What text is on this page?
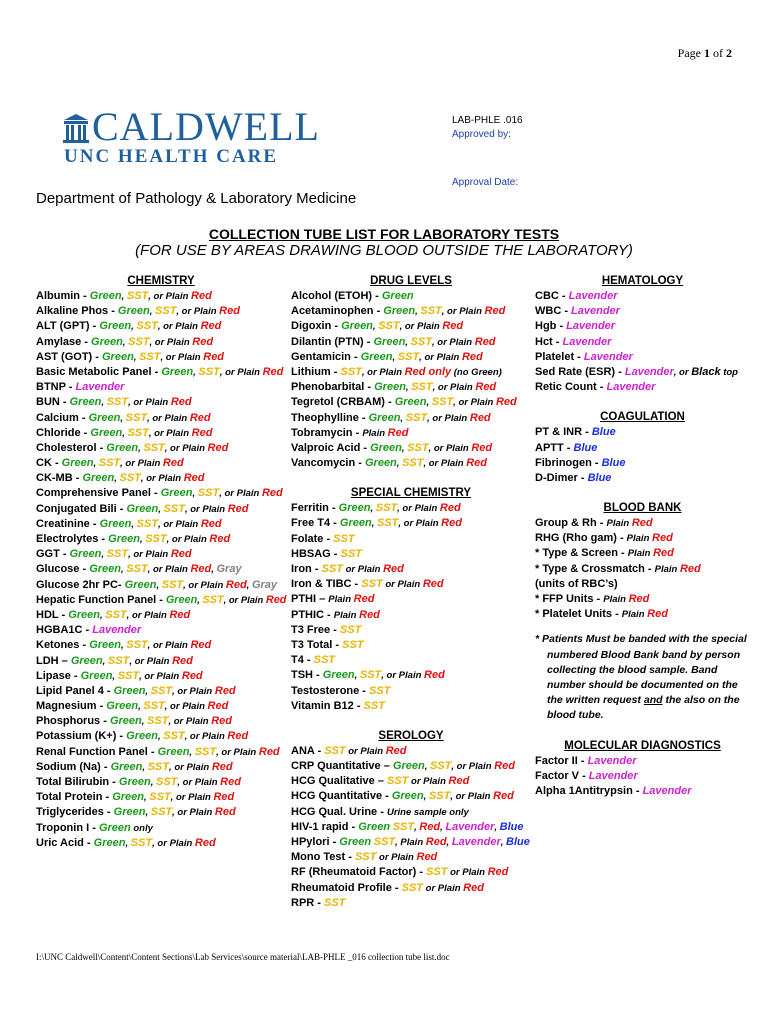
Page 1 of 2
CALDWELL
UNC HEALTH CARE
LAB-PHLE .016
Approved by:
Approval Date:
Department of Pathology & Laboratory Medicine
COLLECTION TUBE LIST FOR LABORATORY TESTS
(FOR USE BY AREAS DRAWING BLOOD OUTSIDE THE LABORATORY)
CHEMISTRY
Albumin - Green, SST, or Plain Red
Alkaline Phos - Green, SST, or Plain Red
ALT (GPT) - Green, SST, or Plain Red
Amylase - Green, SST, or Plain Red
AST (GOT) - Green, SST, or Plain Red
Basic Metabolic Panel - Green, SST, or Plain Red
BTNP - Lavender
BUN - Green, SST, or Plain Red
Calcium - Green, SST, or Plain Red
Chloride - Green, SST, or Plain Red
Cholesterol - Green, SST, or Plain Red
CK - Green, SST, or Plain Red
CK-MB - Green, SST, or Plain Red
Comprehensive Panel - Green, SST, or Plain Red
Conjugated Bili - Green, SST, or Plain Red
Creatinine - Green, SST, or Plain Red
Electrolytes - Green, SST, or Plain Red
GGT - Green, SST, or Plain Red
Glucose - Green, SST, or Plain Red, Gray
Glucose 2hr PC- Green, SST, or Plain Red, Gray
Hepatic Function Panel - Green, SST, or Plain Red
HDL - Green, SST, or Plain Red
HGBA1C - Lavender
Ketones - Green, SST, or Plain Red
LDH – Green, SST, or Plain Red
Lipase - Green, SST, or Plain Red
Lipid Panel 4 - Green, SST, or Plain Red
Magnesium - Green, SST, or Plain Red
Phosphorus - Green, SST, or Plain Red
Potassium (K+) - Green, SST, or Plain Red
Renal Function Panel - Green, SST, or Plain Red
Sodium (Na) - Green, SST, or Plain Red
Total Bilirubin - Green, SST, or Plain Red
Total Protein - Green, SST, or Plain Red
Triglycerides - Green, SST, or Plain Red
Troponin I - Green only
Uric Acid - Green, SST, or Plain Red
DRUG LEVELS
Alcohol (ETOH) - Green
Acetaminophen - Green, SST, or Plain Red
Digoxin - Green, SST, or Plain Red
Dilantin (PTN) - Green, SST, or Plain Red
Gentamicin - Green, SST, or Plain Red
Lithium - SST, or Plain Red only (no Green)
Phenobarbital - Green, SST, or Plain Red
Tegretol (CRBAM) - Green, SST, or Plain Red
Theophylline - Green, SST, or Plain Red
Tobramycin - Plain Red
Valproic Acid - Green, SST, or Plain Red
Vancomycin - Green, SST, or Plain Red
SPECIAL CHEMISTRY
Ferritin - Green, SST, or Plain Red
Free T4 - Green, SST, or Plain Red
Folate - SST
HBSAG - SST
Iron - SST or Plain Red
Iron & TIBC - SST or Plain Red
PTHI – Plain Red
PTHIC - Plain Red
T3 Free - SST
T3 Total - SST
T4 - SST
TSH - Green, SST, or Plain Red
Testosterone - SST
Vitamin B12 - SST
SEROLOGY
ANA - SST or Plain Red
CRP Quantitative – Green, SST, or Plain Red
HCG Qualitative – SST or Plain Red
HCG Quantitative - Green, SST, or Plain Red
HCG Qual. Urine - Urine sample only
HIV-1 rapid - Green SST, Red, Lavender, Blue
HPylori - Green SST, Plain Red, Lavender, Blue
Mono Test - SST or Plain Red
RF (Rheumatoid Factor) - SST or Plain Red
Rheumatoid Profile - SST or Plain Red
RPR - SST
HEMATOLOGY
CBC - Lavender
WBC - Lavender
Hgb - Lavender
Hct - Lavender
Platelet - Lavender
Sed Rate (ESR) - Lavender, or Black top
Retic Count - Lavender
COAGULATION
PT & INR - Blue
APTT - Blue
Fibrinogen - Blue
D-Dimer - Blue
BLOOD BANK
Group & Rh - Plain Red
RHG (Rho gam) - Plain Red
* Type & Screen - Plain Red
* Type & Crossmatch - Plain Red
(units of RBC’s)
* FFP Units - Plain Red
* Platelet Units - Plain Red
* Patients Must be banded with the special numbered Blood Bank band by person collecting the blood sample. Band number should be documented on the the written request and the also on the blood tube.
MOLECULAR DIAGNOSTICS
Factor II - Lavender
Factor V - Lavender
Alpha 1Antitrypsin - Lavender
I:\UNC Caldwell\Content\Content Sections\Lab Services\source material\LAB-PHLE _016 collection tube list.doc
